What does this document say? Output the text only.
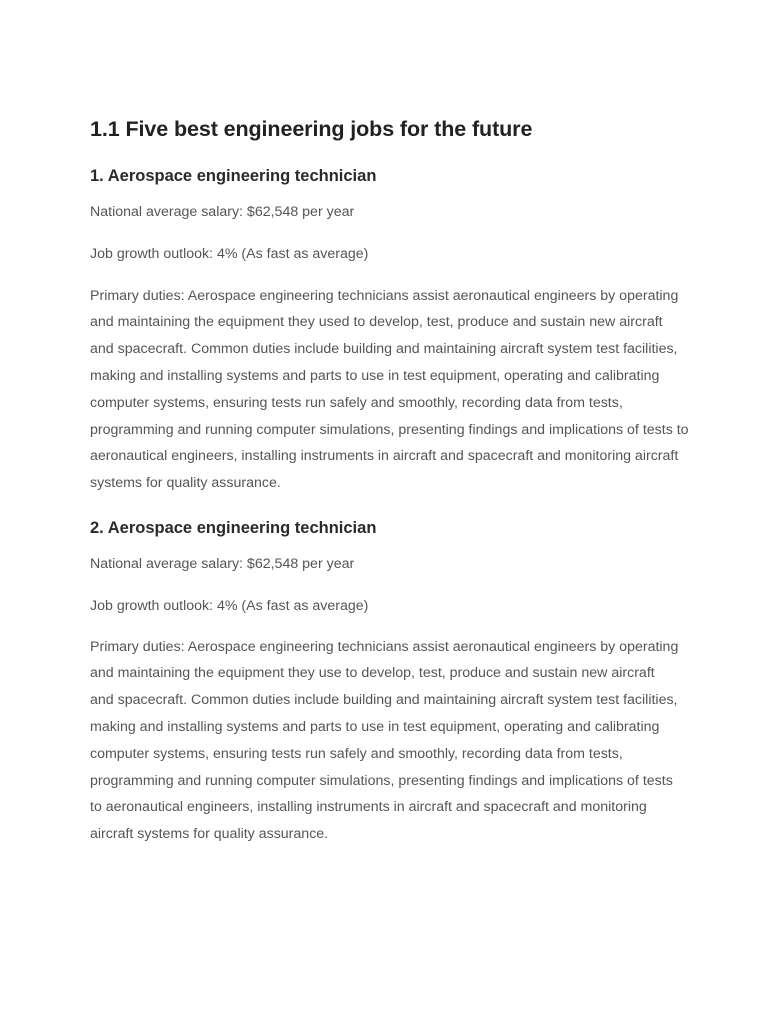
1.1 Five best engineering jobs for the future
1. Aerospace engineering technician

National average salary: $62,548 per year

Job growth outlook: 4% (As fast as average)

Primary duties: Aerospace engineering technicians assist aeronautical engineers by operating and maintaining the equipment they used to develop, test, produce and sustain new aircraft and spacecraft. Common duties include building and maintaining aircraft system test facilities, making and installing systems and parts to use in test equipment, operating and calibrating computer systems, ensuring tests run safely and smoothly, recording data from tests, programming and running computer simulations, presenting findings and implications of tests to aeronautical engineers, installing instruments in aircraft and spacecraft and monitoring aircraft systems for quality assurance.

2. Aerospace engineering technician

National average salary: $62,548 per year

Job growth outlook: 4% (As fast as average)

Primary duties: Aerospace engineering technicians assist aeronautical engineers by operating and maintaining the equipment they use to develop, test, produce and sustain new aircraft and spacecraft. Common duties include building and maintaining aircraft system test facilities, making and installing systems and parts to use in test equipment, operating and calibrating computer systems, ensuring tests run safely and smoothly, recording data from tests, programming and running computer simulations, presenting findings and implications of tests to aeronautical engineers, installing instruments in aircraft and spacecraft and monitoring aircraft systems for quality assurance.
